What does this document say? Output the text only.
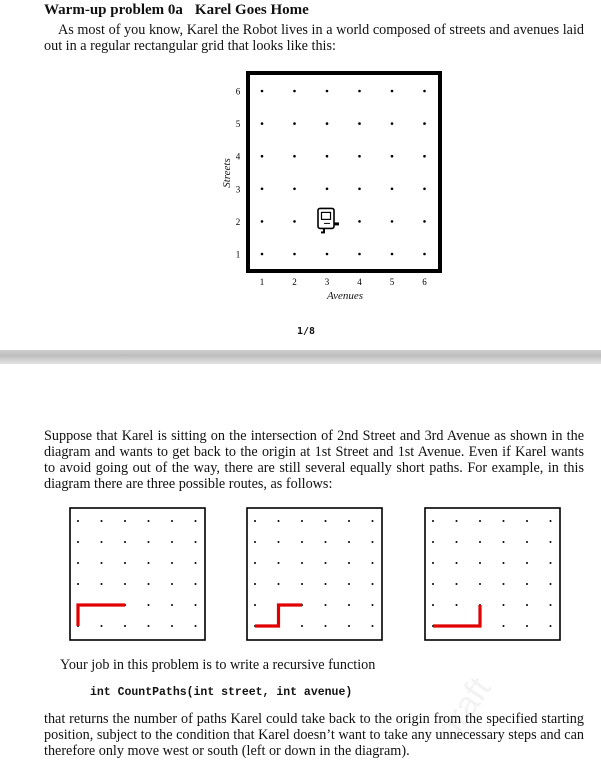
Warm-up problem 0a Karel Goes Home
As most of you know, Karel the Robot lives in a world composed of streets and avenues laid out in a regular rectangular grid that looks like this:
1
2
3
4
5
6
1	2	3	4	5	6
Streets
Avenues
1/8
Suppose that Karel is sitting on the intersection of 2nd Street and 3rd Avenue as shown in the diagram and wants to get back to the origin at 1st Street and 1st Avenue. Even if Karel wants to avoid going out of the way, there are still several equally short paths. For example, in this diagram there are three possible routes, as follows:
Your job in this problem is to write a recursive function
int CountPaths(int street, int avenue)
that returns the number of paths Karel could take back to the origin from the specified starting position, subject to the condition that Karel doesn’t want to take any unnecessary steps and can therefore only move west or south (left or down in the diagram).
draft
